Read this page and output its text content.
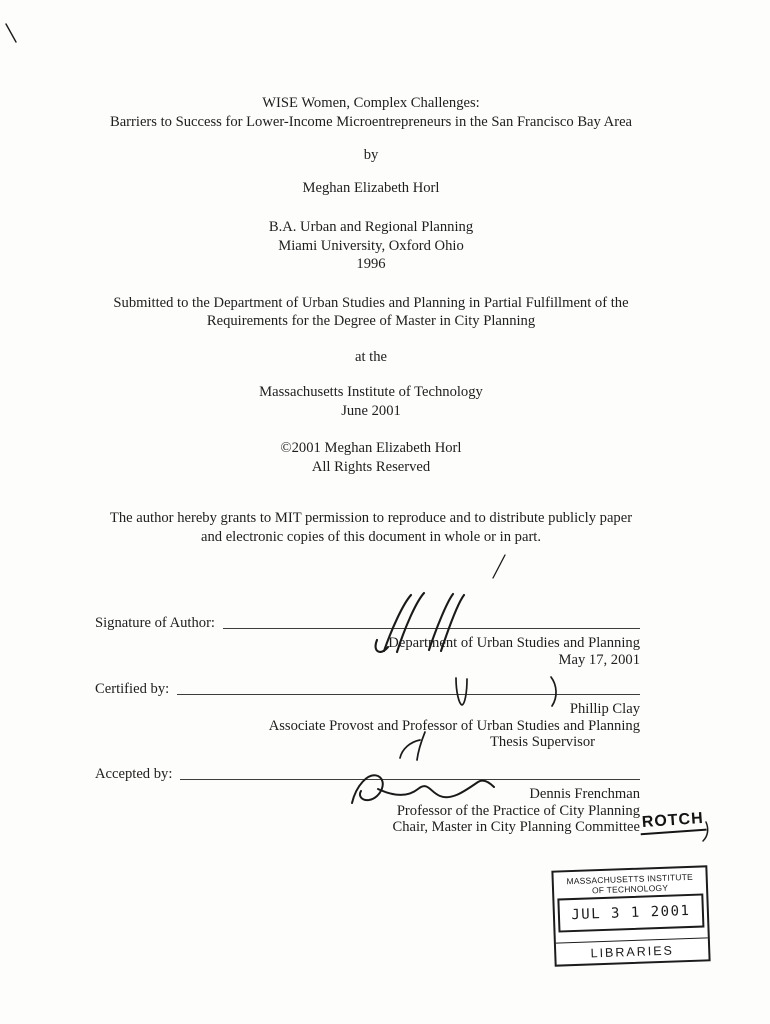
WISE Women, Complex Challenges:
Barriers to Success for Lower-Income Microentrepreneurs in the San Francisco Bay Area
by
Meghan Elizabeth Horl
B.A. Urban and Regional Planning
Miami University, Oxford Ohio
1996
Submitted to the Department of Urban Studies and Planning in Partial Fulfillment of the
Requirements for the Degree of Master in City Planning
at the
Massachusetts Institute of Technology
June 2001
©2001 Meghan Elizabeth Horl
All Rights Reserved
The author hereby grants to MIT permission to reproduce and to distribute publicly paper
and electronic copies of this document in whole or in part.
Signature of Author:
Department of Urban Studies and Planning
May 17, 2001
Certified by:
Phillip Clay
Associate Provost and Professor of Urban Studies and Planning
Thesis Supervisor
Accepted by:
Dennis Frenchman
Professor of the Practice of City Planning
Chair, Master in City Planning Committee ROTCH
MASSACHUSETTS INSTITUTE
OF TECHNOLOGY
JUL 3 1 2001
LIBRARIES
